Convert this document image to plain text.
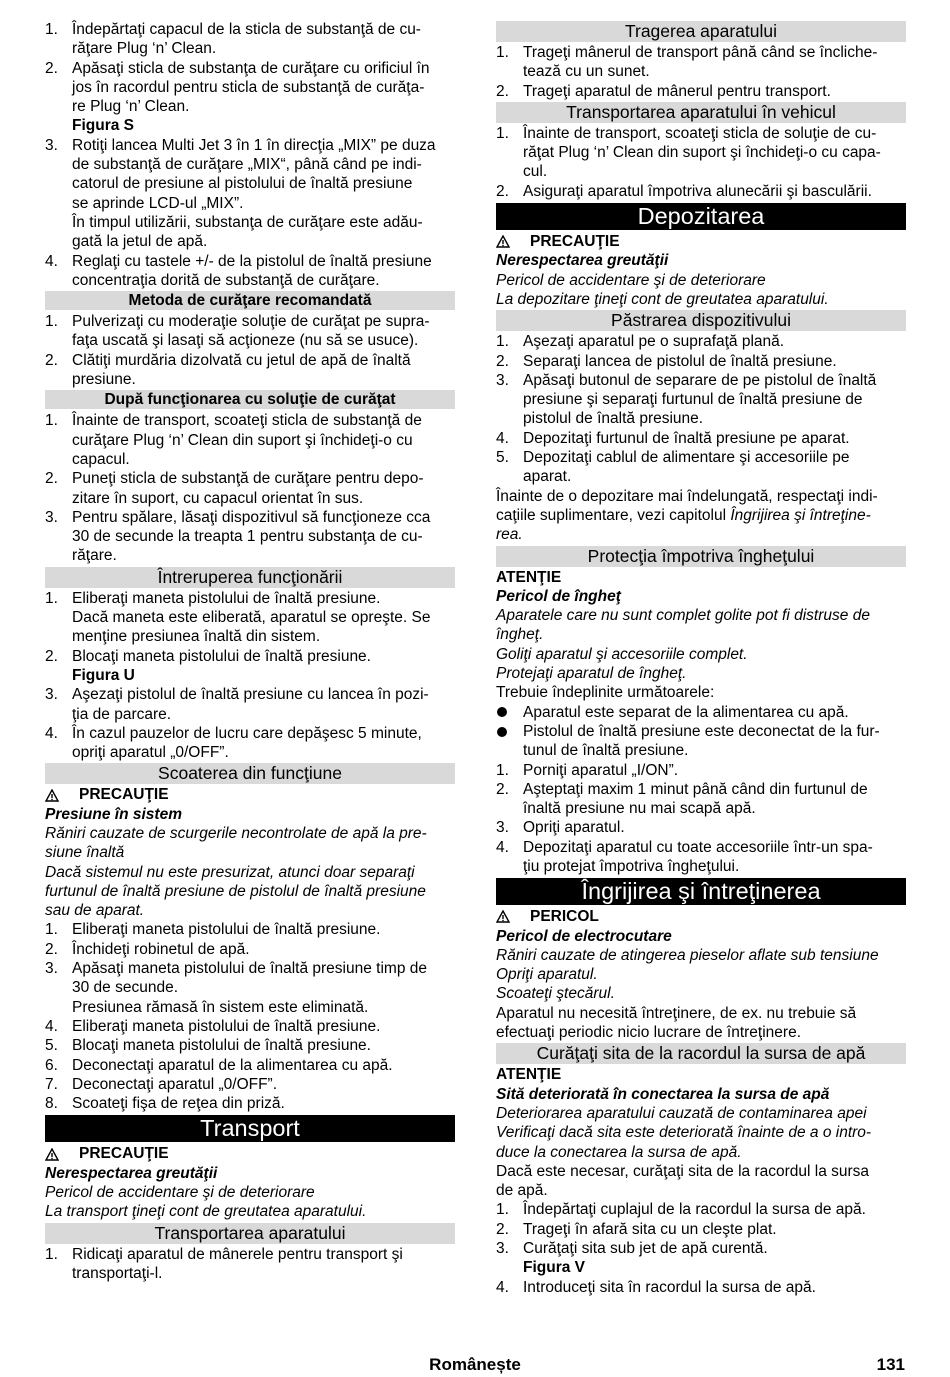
1. Îndepărtaţi capacul de la sticla de substanţă de cu-
răţare Plug ‘n’ Clean.
2. Apăsaţi sticla de substanţa de curăţare cu orificiul în
jos în racordul pentru sticla de substanţă de curăţa-
re Plug ‘n’ Clean.
Figura S
3. Rotiţi lancea Multi Jet 3 în 1 în direcţia „MIX” pe duza
de substanţă de curăţare „MIX“, până când pe indi-
catorul de presiune al pistolului de înaltă presiune
se aprinde LCD-ul „MIX”.
În timpul utilizării, substanţa de curăţare este adău-
gată la jetul de apă.
4. Reglaţi cu tastele +/- de la pistolul de înaltă presiune
concentraţia dorită de substanţă de curăţare.
Metoda de curăţare recomandată
1. Pulverizaţi cu moderaţie soluţie de curăţat pe supra-
faţa uscată şi lasaţi să acţioneze (nu să se usuce).
2. Clătiţi murdăria dizolvată cu jetul de apă de înaltă
presiune.
După funcţionarea cu soluţie de curăţat
1. Înainte de transport, scoateţi sticla de substanţă de
curăţare Plug ‘n’ Clean din suport şi închideţi-o cu
capacul.
2. Puneţi sticla de substanţă de curăţare pentru depo-
zitare în suport, cu capacul orientat în sus.
3. Pentru spălare, lăsaţi dispozitivul să funcţioneze cca
30 de secunde la treapta 1 pentru substanţa de cu-
răţare.
Întreruperea funcţionării
1. Eliberaţi maneta pistolului de înaltă presiune.
Dacă maneta este eliberată, aparatul se opreşte. Se
menţine presiunea înaltă din sistem.
2. Blocaţi maneta pistolului de înaltă presiune.
Figura U
3. Aşezaţi pistolul de înaltă presiune cu lancea în pozi-
ţia de parcare.
4. În cazul pauzelor de lucru care depăşesc 5 minute,
opriţi aparatul „0/OFF”.
Scoaterea din funcţiune
PRECAUŢIE
Presiune în sistem
Răniri cauzate de scurgerile necontrolate de apă la pre-
siune înaltă
Dacă sistemul nu este presurizat, atunci doar separaţi
furtunul de înaltă presiune de pistolul de înaltă presiune
sau de aparat.
1. Eliberaţi maneta pistolului de înaltă presiune.
2. Închideţi robinetul de apă.
3. Apăsaţi maneta pistolului de înaltă presiune timp de
30 de secunde.
Presiunea rămasă în sistem este eliminată.
4. Eliberaţi maneta pistolului de înaltă presiune.
5. Blocaţi maneta pistolului de înaltă presiune.
6. Deconectaţi aparatul de la alimentarea cu apă.
7. Deconectaţi aparatul „0/OFF”.
8. Scoateţi fişa de reţea din priză.
Transport
PRECAUŢIE
Nerespectarea greutăţii
Pericol de accidentare şi de deteriorare
La transport ţineţi cont de greutatea aparatului.
Transportarea aparatului
1. Ridicaţi aparatul de mânerele pentru transport şi
transportaţi-l.
Tragerea aparatului
1. Trageţi mânerul de transport până când se încliche-
tează cu un sunet.
2. Trageţi aparatul de mânerul pentru transport.
Transportarea aparatului în vehicul
1. Înainte de transport, scoateţi sticla de soluţie de cu-
răţat Plug ‘n’ Clean din suport şi închideţi-o cu capa-
cul.
2. Asiguraţi aparatul împotriva alunecării şi basculării.
Depozitarea
PRECAUŢIE
Nerespectarea greutăţii
Pericol de accidentare şi de deteriorare
La depozitare ţineţi cont de greutatea aparatului.
Păstrarea dispozitivului
1. Aşezaţi aparatul pe o suprafaţă plană.
2. Separaţi lancea de pistolul de înaltă presiune.
3. Apăsaţi butonul de separare de pe pistolul de înaltă
presiune şi separaţi furtunul de înaltă presiune de
pistolul de înaltă presiune.
4. Depozitaţi furtunul de înaltă presiune pe aparat.
5. Depozitaţi cablul de alimentare şi accesoriile pe
aparat.
Înainte de o depozitare mai îndelungată, respectaţi indi-
caţiile suplimentare, vezi capitolul Îngrijirea şi întreţine-
rea.
Protecţia împotriva îngheţului
ATENŢIE
Pericol de îngheţ
Aparatele care nu sunt complet golite pot fi distruse de
îngheţ.
Goliţi aparatul şi accesoriile complet.
Protejaţi aparatul de îngheţ.
Trebuie îndeplinite următoarele:
Aparatul este separat de la alimentarea cu apă.
Pistolul de înaltă presiune este deconectat de la fur-
tunul de înaltă presiune.
1. Porniţi aparatul „I/ON”.
2. Aşteptaţi maxim 1 minut până când din furtunul de
înaltă presiune nu mai scapă apă.
3. Opriţi aparatul.
4. Depozitaţi aparatul cu toate accesoriile într-un spa-
ţiu protejat împotriva îngheţului.
Îngrijirea şi întreţinerea
PERICOL
Pericol de electrocutare
Răniri cauzate de atingerea pieselor aflate sub tensiune
Opriţi aparatul.
Scoateţi ştecărul.
Aparatul nu necesită întreţinere, de ex. nu trebuie să
efectuaţi periodic nicio lucrare de întreţinere.
Curăţaţi sita de la racordul la sursa de apă
ATENŢIE
Sită deteriorată în conectarea la sursa de apă
Deteriorarea aparatului cauzată de contaminarea apei
Verificaţi dacă sita este deteriorată înainte de a o intro-
duce la conectarea la sursa de apă.
Dacă este necesar, curăţaţi sita de la racordul la sursa
de apă.
1. Îndepărtaţi cuplajul de la racordul la sursa de apă.
2. Trageţi în afară sita cu un cleşte plat.
3. Curăţaţi sita sub jet de apă curentă.
Figura V
4. Introduceţi sita în racordul la sursa de apă.
Românește	131
